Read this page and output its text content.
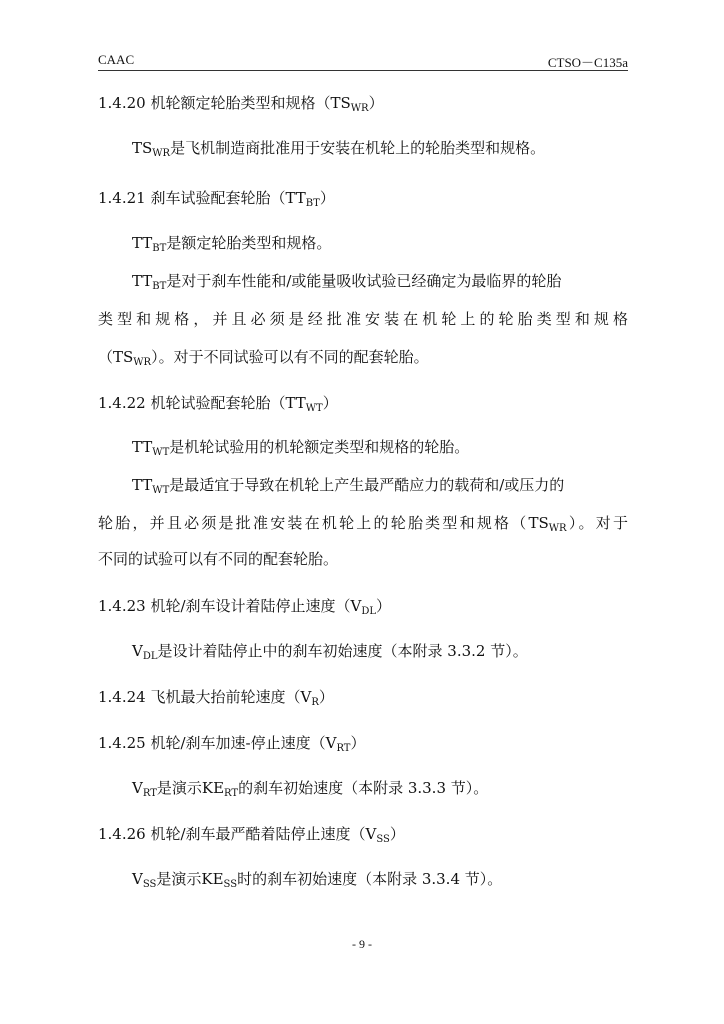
CAAC	CTSO－C135a
1.4.20 机轮额定轮胎类型和规格$(TS_{WR})$
$TS_{WR}$是飞机制造商批准用于安装在机轮上的轮胎类型和规格。
1.4.21 刹车试验配套轮胎$(TT_{BT})$
$TT_{BT}$是额定轮胎类型和规格。
$TT_{BT}$是对于刹车性能和/或能量吸收试验已经确定为最临界的轮胎
类型和规格，并且必须是经批准安装在机轮上的轮胎类型和规格
$(TS_{WR})$。对于不同试验可以有不同的配套轮胎。
1.4.22 机轮试验配套轮胎$(TT_{WT})$
$TT_{WT}$是机轮试验用的机轮额定类型和规格的轮胎。
$TT_{WT}$是最适宜于导致在机轮上产生最严酷应力的载荷和/或压力的
轮胎，并且必须是批准安装在机轮上的轮胎类型和规格$(TS_{WR})$。对于
不同的试验可以有不同的配套轮胎。
1.4.23 机轮/刹车设计着陆停止速度$(V_{DL})$
$V_{DL}$是设计着陆停止中的刹车初始速度（本附录 3.3.2 节）。
1.4.24 飞机最大抬前轮速度$(V_R)$
1.4.25 机轮/刹车加速-停止速度$(V_{RT})$
$V_{RT}$是演示$KE_{RT}$的刹车初始速度（本附录 3.3.3 节）。
1.4.26 机轮/刹车最严酷着陆停止速度$(V_{SS})$
$V_{SS}$是演示$KE_{SS}$时的刹车初始速度（本附录 3.3.4 节）。
- 9 -
